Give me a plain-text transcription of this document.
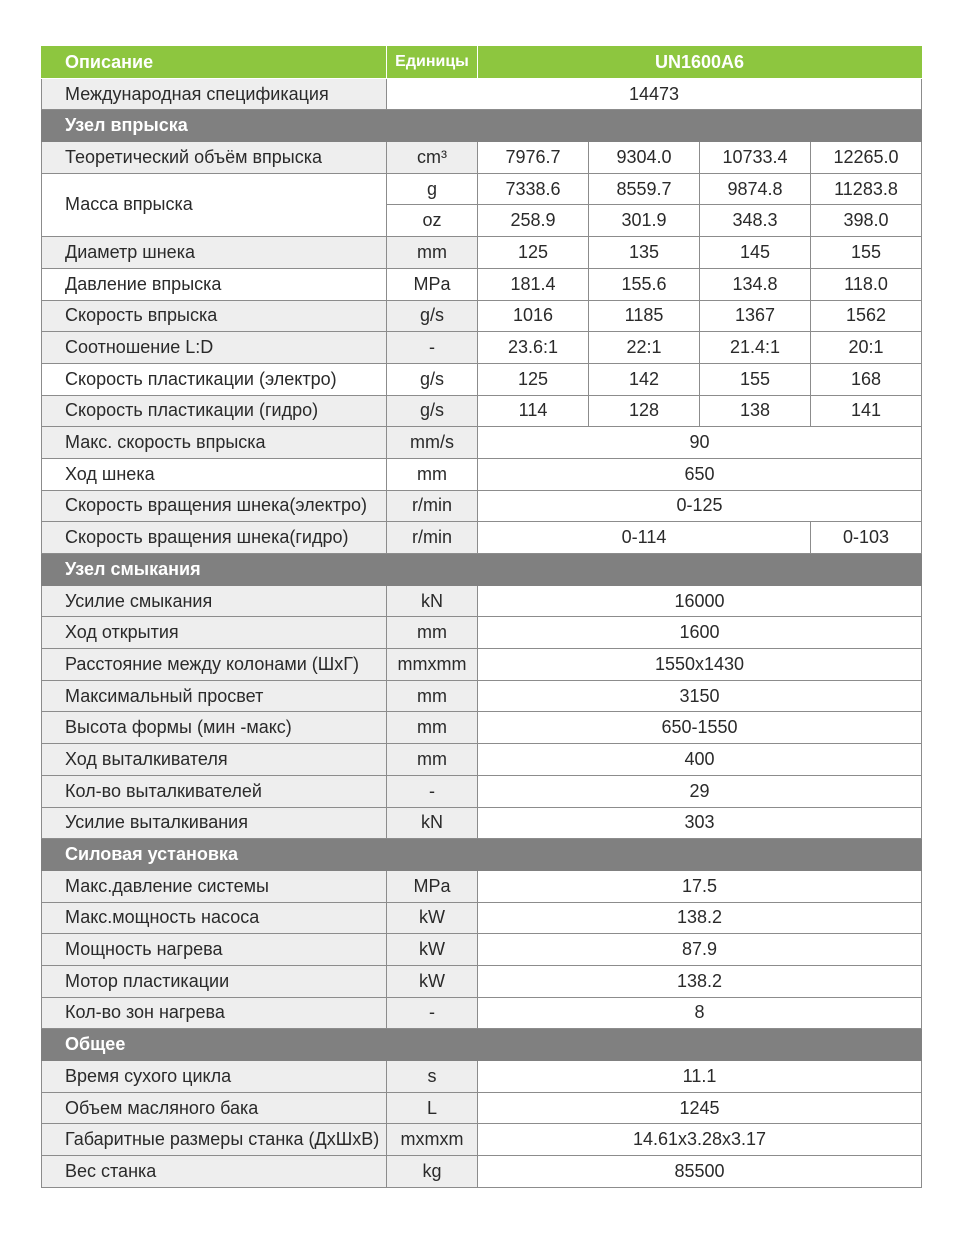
Описание	Единицы	UN1600A6			
Международная спецификация	14473				
Узел впрыска					
Теоретический объём впрыска	cm³	7976.7	9304.0	10733.4	12265.0
Масса впрыска	g	7338.6	8559.7	9874.8	11283.8
	oz	258.9	301.9	348.3	398.0
Диаметр шнека	mm	125	135	145	155
Давление впрыска	MPa	181.4	155.6	134.8	118.0
Скорость впрыска	g/s	1016	1185	1367	1562
Соотношение L:D	-	23.6:1	22:1	21.4:1	20:1
Скорость пластикации (электро)	g/s	125	142	155	168
Скорость пластикации (гидро)	g/s	114	128	138	141
Макс. скорость впрыска	mm/s	90			
Ход шнека	mm	650			
Скорость вращения шнека(электро)	r/min	0-125			
Скорость вращения шнека(гидро)	r/min	0-114			0-103
Узел смыкания					
Усилие смыкания	kN	16000			
Ход открытия	mm	1600			
Расстояние между колонами (ШхГ)	mmxmm	1550x1430			
Максимальный просвет	mm	3150			
Высота формы (мин -макс)	mm	650-1550			
Ход выталкивателя	mm	400			
Кол-во выталкивателей	-	29			
Усилие выталкивания	kN	303			
Силовая установка					
Макс.давление системы	MPa	17.5			
Макс.мощность насоса	kW	138.2			
Мощность нагрева	kW	87.9			
Мотор пластикации	kW	138.2			
Кол-во зон нагрева	-	8			
Общее					
Время сухого цикла	s	11.1			
Объем масляного бака	L	1245			
Габаритные размеры станка (ДхШхВ)	mxmxm	14.61x3.28x3.17			
Вес станка	kg	85500			
